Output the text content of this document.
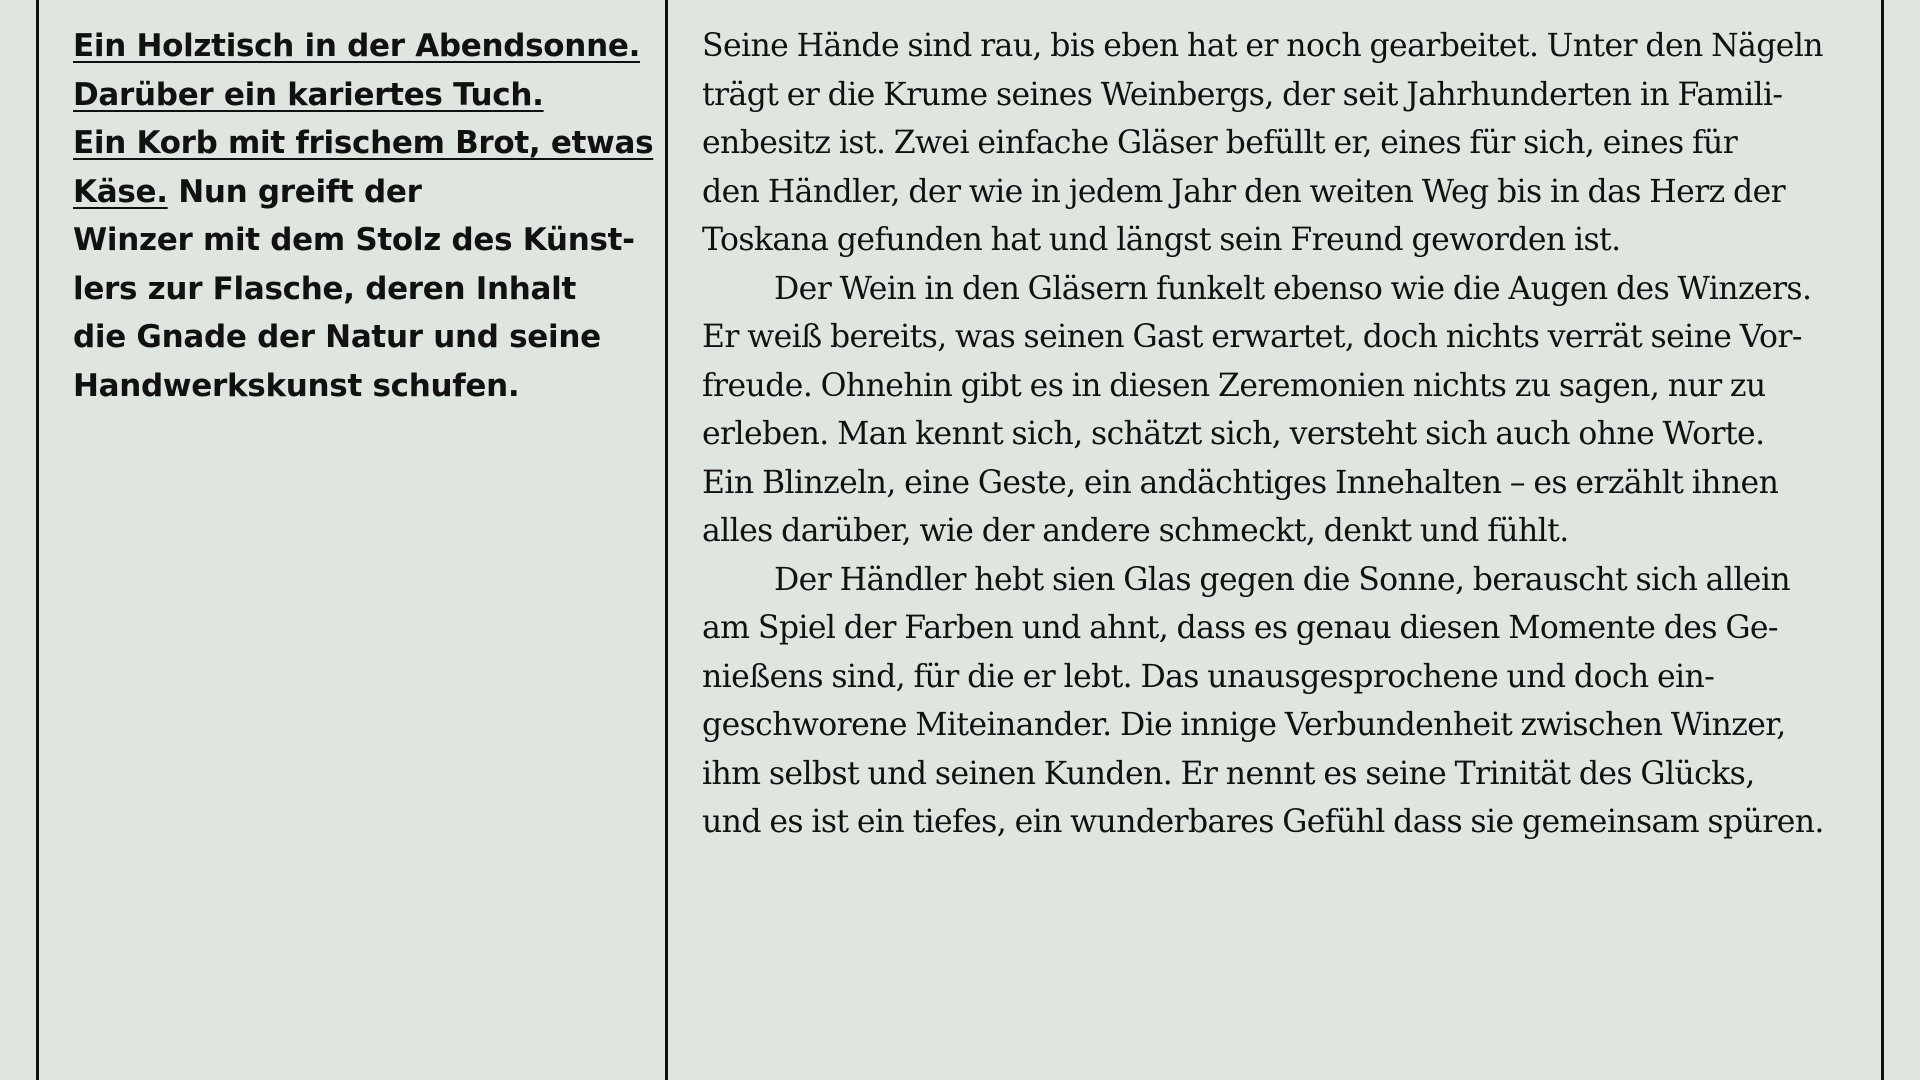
Ein Holztisch in der Abendsonne.
Darüber ein kariertes Tuch.
Ein Korb mit frischem Brot, etwas
Käse. Nun greift der
Winzer mit dem Stolz des Künst-
lers zur Flasche, deren Inhalt
die Gnade der Natur und seine
Handwerkskunst schufen.
Seine Hände sind rau, bis eben hat er noch gearbeitet. Unter den Nägeln
trägt er die Krume seines Weinbergs, der seit Jahrhunderten in Famili-
enbesitz ist. Zwei einfache Gläser befüllt er, eines für sich, eines für
den Händler, der wie in jedem Jahr den weiten Weg bis in das Herz der
Toskana gefunden hat und längst sein Freund geworden ist.
Der Wein in den Gläsern funkelt ebenso wie die Augen des Winzers.
Er weiß bereits, was seinen Gast erwartet, doch nichts verrät seine Vor-
freude. Ohnehin gibt es in diesen Zeremonien nichts zu sagen, nur zu
erleben. Man kennt sich, schätzt sich, versteht sich auch ohne Worte.
Ein Blinzeln, eine Geste, ein andächtiges Innehalten – es erzählt ihnen
alles darüber, wie der andere schmeckt, denkt und fühlt.
Der Händler hebt sien Glas gegen die Sonne, berauscht sich allein
am Spiel der Farben und ahnt, dass es genau diesen Momente des Ge-
nießens sind, für die er lebt. Das unausgesprochene und doch ein-
geschworene Miteinander. Die innige Verbundenheit zwischen Winzer,
ihm selbst und seinen Kunden. Er nennt es seine Trinität des Glücks,
und es ist ein tiefes, ein wunderbares Gefühl dass sie gemeinsam spüren.
